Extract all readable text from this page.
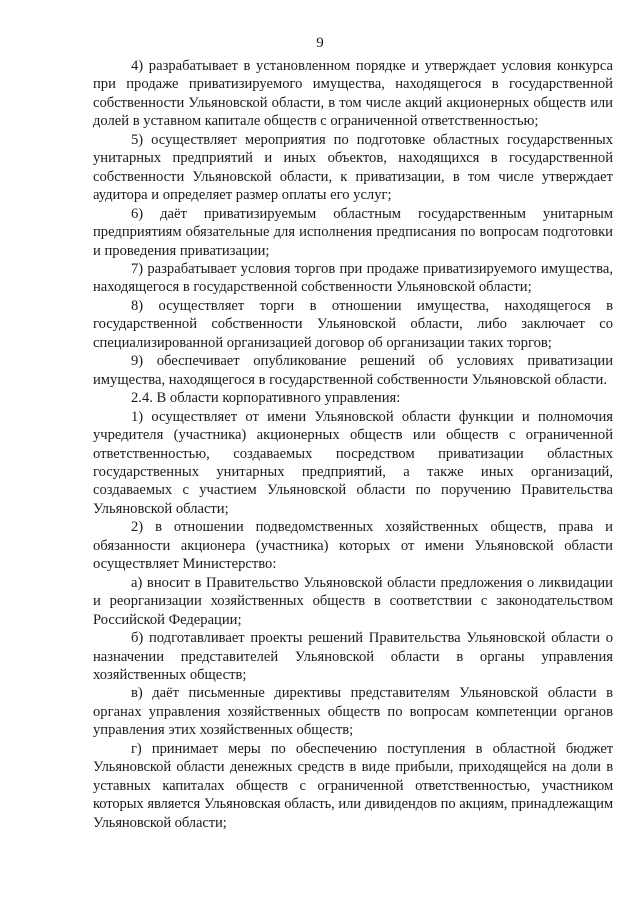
9

4) разрабатывает в установленном порядке и утверждает условия конкурса при продаже приватизируемого имущества, находящегося в государственной собственности Ульяновской области, в том числе акций акционерных обществ или долей в уставном капитале обществ с ограниченной ответственностью;

5) осуществляет мероприятия по подготовке областных государственных унитарных предприятий и иных объектов, находящихся в государственной собственности Ульяновской области, к приватизации, в том числе утверждает аудитора и определяет размер оплаты его услуг;

6) даёт приватизируемым областным государственным унитарным предприятиям обязательные для исполнения предписания по вопросам подготовки и проведения приватизации;

7) разрабатывает условия торгов при продаже приватизируемого имущества, находящегося в государственной собственности Ульяновской области;

8) осуществляет торги в отношении имущества, находящегося в государственной собственности Ульяновской области, либо заключает со специализированной организацией договор об организации таких торгов;

9) обеспечивает опубликование решений об условиях приватизации имущества, находящегося в государственной собственности Ульяновской области.

2.4. В области корпоративного управления:

1) осуществляет от имени Ульяновской области функции и полномочия учредителя (участника) акционерных обществ или обществ с ограниченной ответственностью, создаваемых посредством приватизации областных государственных унитарных предприятий, а также иных организаций, создаваемых с участием Ульяновской области по поручению Правительства Ульяновской области;

2) в отношении подведомственных хозяйственных обществ, права и обязанности акционера (участника) которых от имени Ульяновской области осуществляет Министерство:

а) вносит в Правительство Ульяновской области предложения о ликвидации и реорганизации хозяйственных обществ в соответствии с законодательством Российской Федерации;

б) подготавливает проекты решений Правительства Ульяновской области о назначении представителей Ульяновской области в органы управления хозяйственных обществ;

в) даёт письменные директивы представителям Ульяновской области в органах управления хозяйственных обществ по вопросам компетенции органов управления этих хозяйственных обществ;

г) принимает меры по обеспечению поступления в областной бюджет Ульяновской области денежных средств в виде прибыли, приходящейся на доли в уставных капиталах обществ с ограниченной ответственностью, участником которых является Ульяновская область, или дивидендов по акциям, принадлежащим Ульяновской области;
